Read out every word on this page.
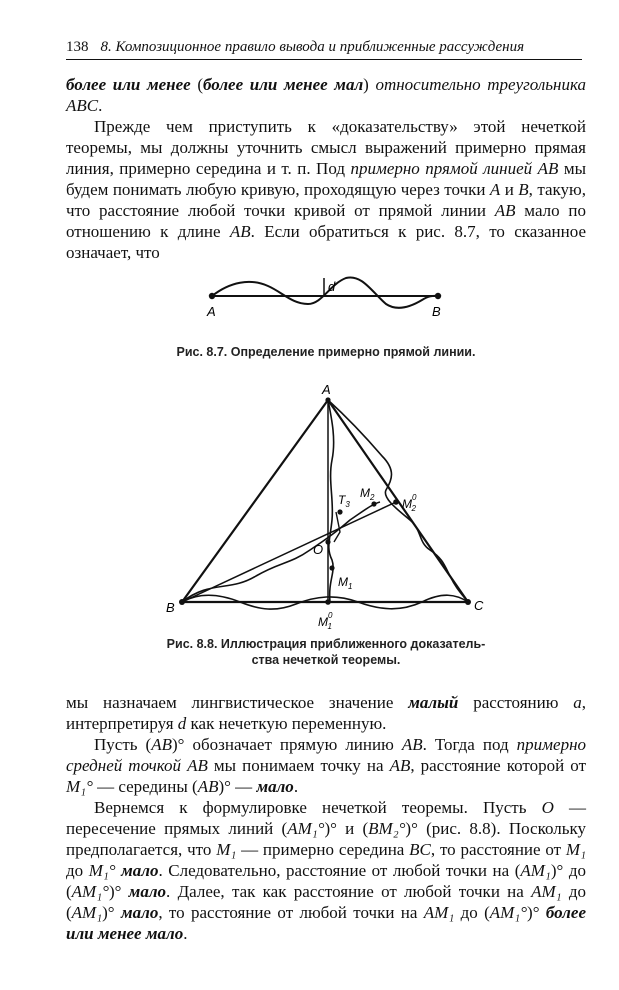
138 8. Композиционное правило вывода и приближенные рассуждения

более или менее (более или менее мал) относительно треугольника ABC.

Прежде чем приступить к «доказательству» этой нечеткой теоремы, мы должны уточнить смысл выражений примерно прямая линия, примерно середина и т. п. Под примерно прямой линией AB мы будем понимать любую кривую, проходящую через точки A и B, такую, что расстояние любой точки кривой от прямой линии AB мало по отношению к длине AB. Если обратиться к рис. 8.7, то сказанное означает, что

A	B
d
Рис. 8.7. Определение примерно прямой линии.
A
B	C
O
$T_3$
$M_1$
$M_2$ $M^0$ 2
$M^0$ 1
Рис. 8.8. Иллюстрация приближенного доказатель-
ства нечеткой теоремы.

мы назначаем лингвистическое значение малый расстоянию a, интерпретируя d как нечеткую переменную.

Пусть (AB)° обозначает прямую линию AB. Тогда под примерно средней точкой AB мы понимаем точку на AB, расстояние которой от M₁° — середины (AB)° — мало.

Вернемся к формулировке нечеткой теоремы. Пусть O — пересечение прямых линий (AM₁°)° и (BM₂°)° (рис. 8.8). Поскольку предполагается, что M₁ — примерно середина BC, то расстояние от M₁ до M₁° мало. Следовательно, расстояние от любой точки на (AM₁)° до (AM₁°)° мало. Далее, так как расстояние от любой точки на AM₁ до (AM₁)° мало, то расстояние от любой точки на AM₁ до (AM₁°)° более или менее мало.
